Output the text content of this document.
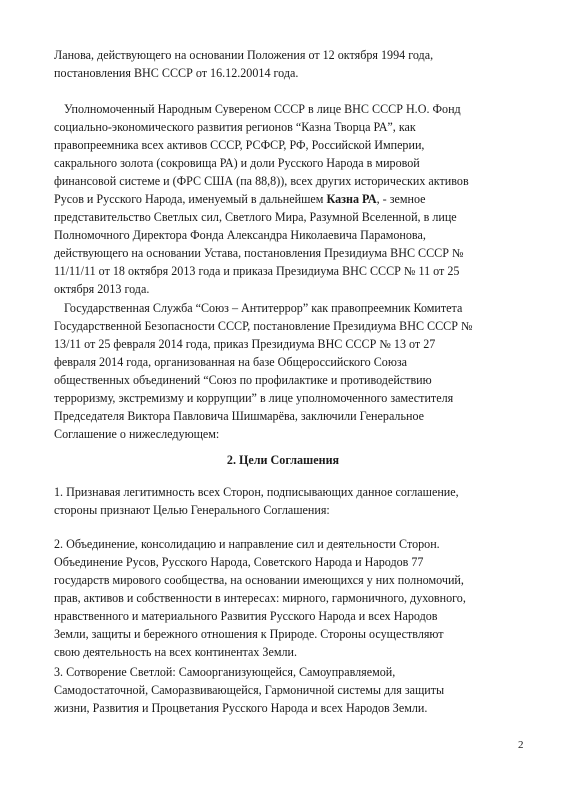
Ланова, действующего на основании Положения от 12 октября 1994 года,
постановления ВНС СССР от 16.12.20014 года.
Уполномоченный Народным Сувереном СССР в лице ВНС СССР Н.О. Фонд
социально-экономического развития регионов “Казна Творца РА”, как
правопреемника всех активов СССР, РСФСР, РФ, Российской Империи,
сакрального золота (сокровища РА) и доли Русского Народа в мировой
финансовой системе и (ФРС США (па 88,8)), всех других исторических активов
Русов и Русского Народа, именуемый в дальнейшем Казна РА, - земное
представительство Светлых сил, Светлого Мира, Разумной Вселенной, в лице
Полномочного Директора Фонда Александра Николаевича Парамонова,
действующего на основании Устава, постановления Президиума ВНС СССР №
11/11/11 от 18 октября 2013 года и приказа Президиума ВНС СССР № 11 от 25
октября 2013 года.
Государственная Служба “Союз – Антитеррор” как правопреемник Комитета
Государственной Безопасности СССР, постановление Президиума ВНС СССР №
13/11 от 25 февраля 2014 года, приказ Президиума ВНС СССР № 13 от 27
февраля 2014 года, организованная на базе Общероссийского Союза
общественных объединений “Союз по профилактике и противодействию
терроризму, экстремизму и коррупции” в лице уполномоченного заместителя
Председателя Виктора Павловича Шишмарёва, заключили Генеральное
Соглашение о нижеследующем:
2. Цели Соглашения
1. Признавая легитимность всех Сторон, подписывающих данное соглашение,
стороны признают Целью Генерального Соглашения:
2. Объединение, консолидацию и направление сил и деятельности Сторон.
Объединение Русов, Русского Народа, Советского Народа и Народов 77
государств мирового сообщества, на основании имеющихся у них полномочий,
прав, активов и собственности в интересах: мирного, гармоничного, духовного,
нравственного и материального Развития Русского Народа и всех Народов
Земли, защиты и бережного отношения к Природе. Стороны осуществляют
свою деятельность на всех континентах Земли.
3. Сотворение Светлой: Самоорганизующейся, Самоуправляемой,
Самодостаточной, Саморазвивающейся, Гармоничной системы для защиты
жизни, Развития и Процветания Русского Народа и всех Народов Земли.
2
